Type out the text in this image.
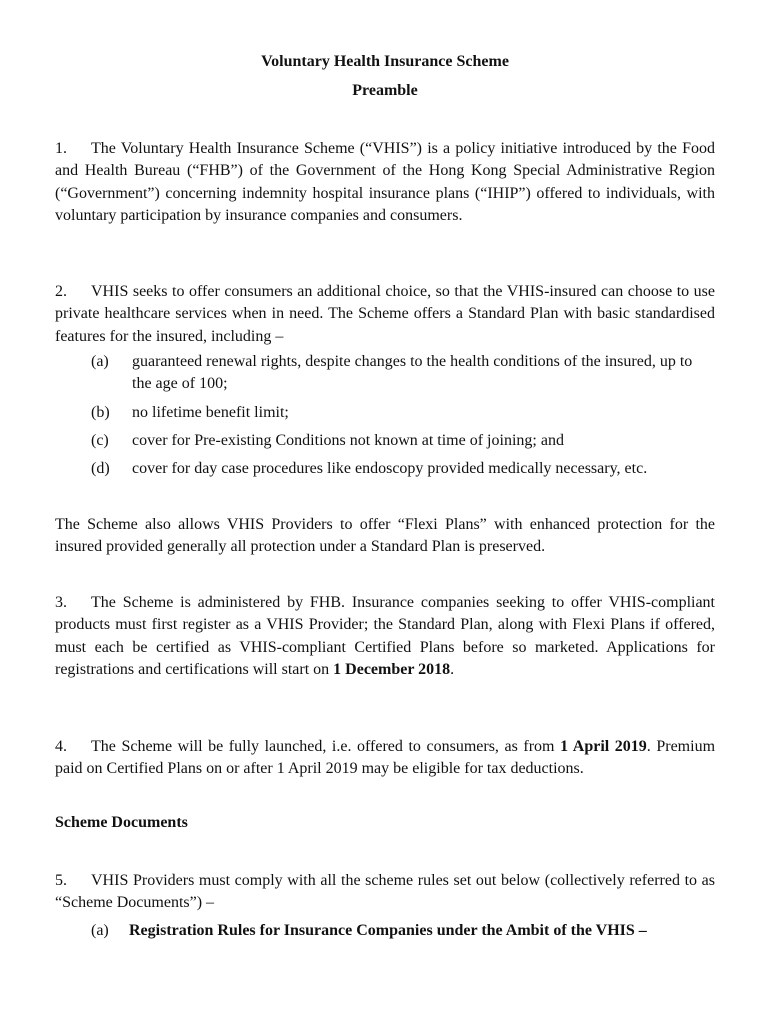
Voluntary Health Insurance Scheme
Preamble
1. The Voluntary Health Insurance Scheme (“VHIS”) is a policy initiative introduced by the Food and Health Bureau (“FHB”) of the Government of the Hong Kong Special Administrative Region (“Government”) concerning indemnity hospital insurance plans (“IHIP”) offered to individuals, with voluntary participation by insurance companies and consumers.
2. VHIS seeks to offer consumers an additional choice, so that the VHIS-insured can choose to use private healthcare services when in need. The Scheme offers a Standard Plan with basic standardised features for the insured, including –
(a) guaranteed renewal rights, despite changes to the health conditions of the insured, up to the age of 100;
(b) no lifetime benefit limit;
(c) cover for Pre-existing Conditions not known at time of joining; and
(d) cover for day case procedures like endoscopy provided medically necessary, etc.
The Scheme also allows VHIS Providers to offer “Flexi Plans” with enhanced protection for the insured provided generally all protection under a Standard Plan is preserved.
3. The Scheme is administered by FHB. Insurance companies seeking to offer VHIS-compliant products must first register as a VHIS Provider; the Standard Plan, along with Flexi Plans if offered, must each be certified as VHIS-compliant Certified Plans before so marketed. Applications for registrations and certifications will start on 1 December 2018.
4. The Scheme will be fully launched, i.e. offered to consumers, as from 1 April 2019. Premium paid on Certified Plans on or after 1 April 2019 may be eligible for tax deductions.
Scheme Documents
5. VHIS Providers must comply with all the scheme rules set out below (collectively referred to as “Scheme Documents”) –
(a) Registration Rules for Insurance Companies under the Ambit of the VHIS –
